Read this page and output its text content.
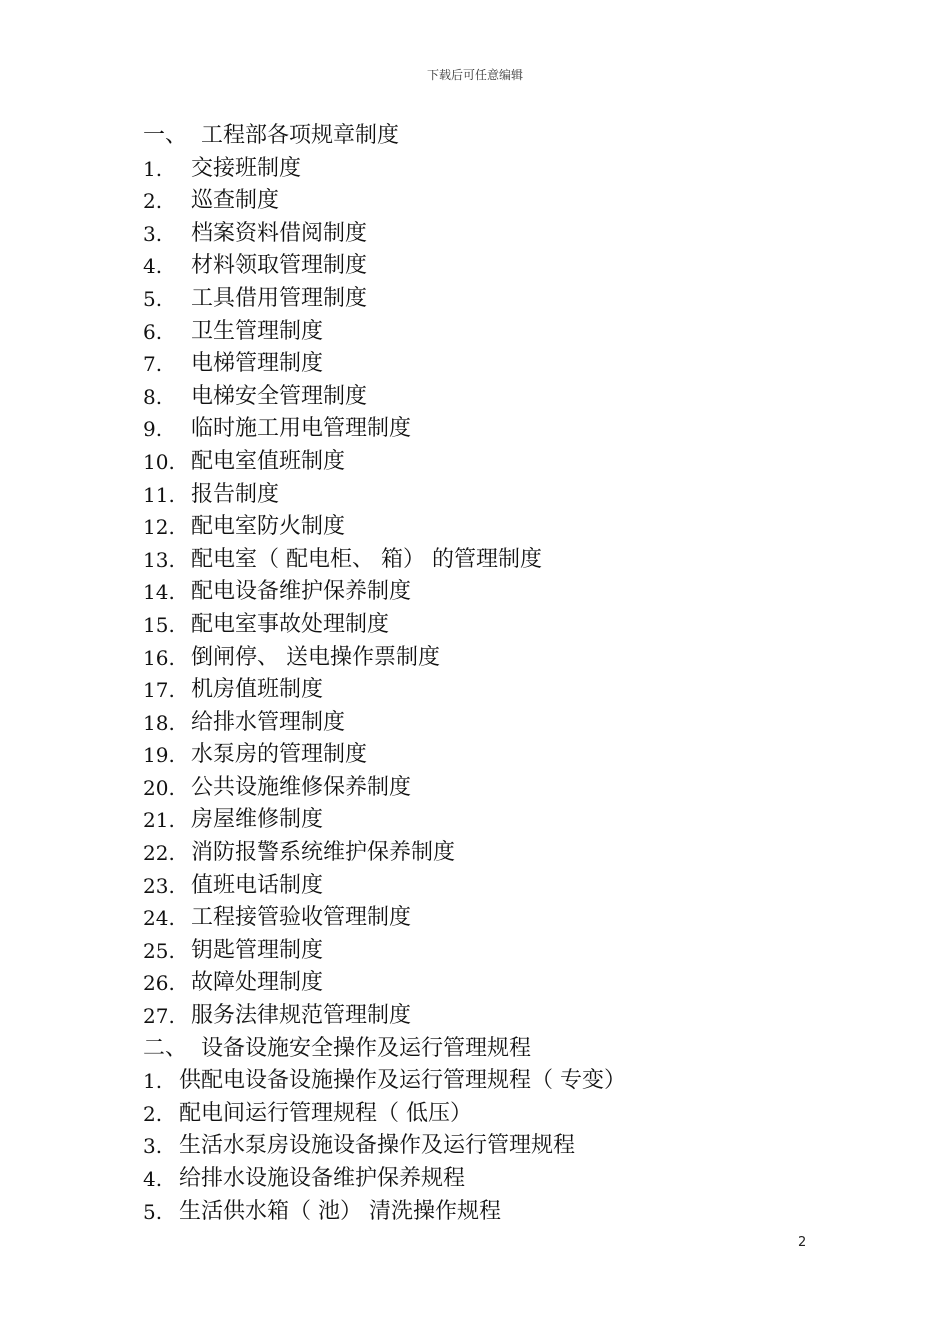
下载后可任意编辑
一、 工程部各项规章制度
1.	交接班制度
2.	巡查制度
3.	档案资料借阅制度
4.	材料领取管理制度
5.	工具借用管理制度
6.	卫生管理制度
7.	电梯管理制度
8.	电梯安全管理制度
9.	临时施工用电管理制度
10. 配电室值班制度
11. 报告制度
12. 配电室防火制度
13. 配电室（ 配电柜、 箱） 的管理制度
14. 配电设备维护保养制度
15. 配电室事故处理制度
16. 倒闸停、 送电操作票制度
17. 机房值班制度
18. 给排水管理制度
19. 水泵房的管理制度
20. 公共设施维修保养制度
21. 房屋维修制度
22. 消防报警系统维护保养制度
23. 值班电话制度
24. 工程接管验收管理制度
25. 钥匙管理制度
26. 故障处理制度
27. 服务法律规范管理制度
二、 设备设施安全操作及运行管理规程
1. 供配电设备设施操作及运行管理规程（ 专变）
2. 配电间运行管理规程（ 低压）
3. 生活水泵房设施设备操作及运行管理规程
4. 给排水设施设备维护保养规程
5. 生活供水箱（ 池） 清洗操作规程
2
